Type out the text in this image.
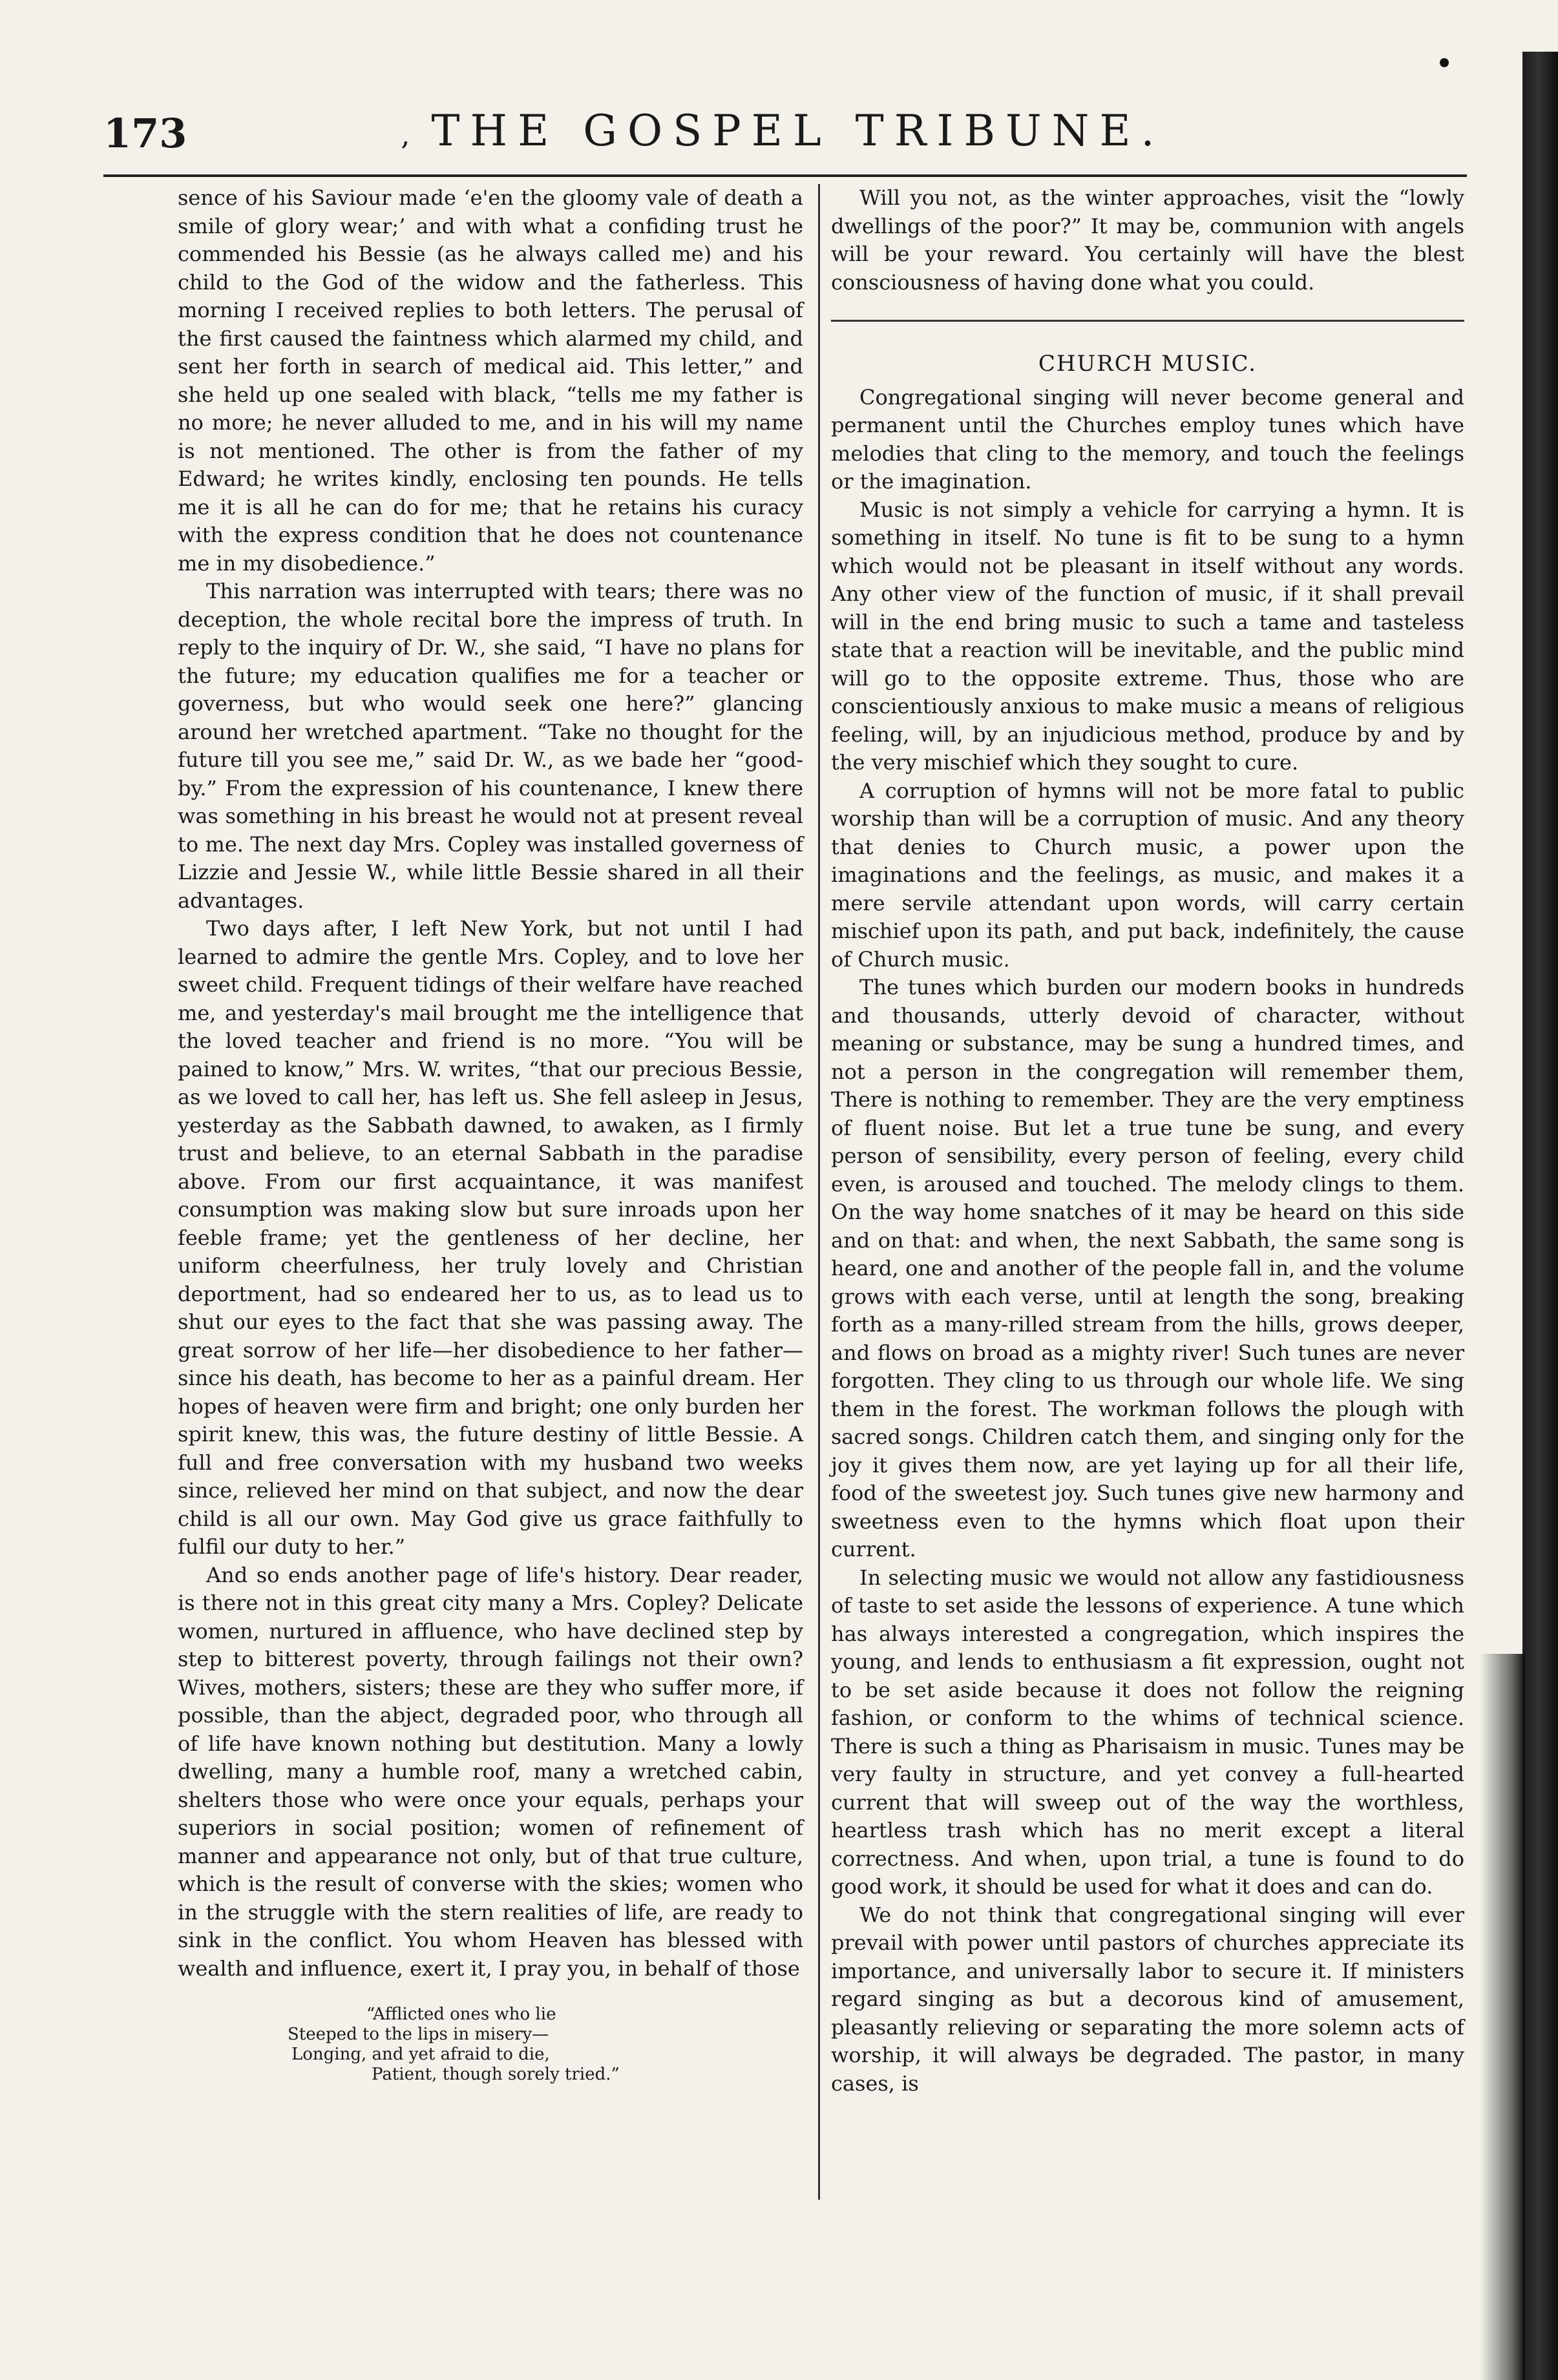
173	‚ THE GOSPEL TRIBUNE.

sence of his Saviour made ‘e'en the gloomy vale of death a smile of glory wear;’ and with what a confiding trust he commended his Bessie (as he always called me) and his child to the God of the widow and the fatherless. This morning I received replies to both letters. The perusal of the first caused the faintness which alarmed my child, and sent her forth in search of medical aid. This letter,” and she held up one sealed with black, “tells me my father is no more; he never alluded to me, and in his will my name is not mentioned. The other is from the father of my Edward; he writes kindly, enclosing ten pounds. He tells me it is all he can do for me; that he retains his curacy with the express condition that he does not countenance me in my disobedience.”

This narration was interrupted with tears; there was no deception, the whole recital bore the impress of truth. In reply to the inquiry of Dr. W., she said, “I have no plans for the future; my education qualifies me for a teacher or governess, but who would seek one here?” glancing around her wretched apartment. “Take no thought for the future till you see me,” said Dr. W., as we bade her “good-by.” From the expression of his countenance, I knew there was something in his breast he would not at present reveal to me. The next day Mrs. Copley was installed governess of Lizzie and Jessie W., while little Bessie shared in all their advantages.

Two days after, I left New York, but not until I had learned to admire the gentle Mrs. Copley, and to love her sweet child. Frequent tidings of their welfare have reached me, and yesterday's mail brought me the intelligence that the loved teacher and friend is no more. “You will be pained to know,” Mrs. W. writes, “that our precious Bessie, as we loved to call her, has left us. She fell asleep in Jesus, yesterday as the Sabbath dawned, to awaken, as I firmly trust and believe, to an eternal Sabbath in the paradise above. From our first acquaintance, it was manifest consumption was making slow but sure inroads upon her feeble frame; yet the gentleness of her decline, her uniform cheerfulness, her truly lovely and Christian deportment, had so endeared her to us, as to lead us to shut our eyes to the fact that she was passing away. The great sorrow of her life—her disobedience to her father—since his death, has become to her as a painful dream. Her hopes of heaven were firm and bright; one only burden her spirit knew, this was, the future destiny of little Bessie. A full and free conversation with my husband two weeks since, relieved her mind on that subject, and now the dear child is all our own. May God give us grace faithfully to fulfil our duty to her.”

And so ends another page of life's history. Dear reader, is there not in this great city many a Mrs. Copley? Delicate women, nurtured in affluence, who have declined step by step to bitterest poverty, through failings not their own? Wives, mothers, sisters; these are they who suffer more, if possible, than the abject, degraded poor, who through all of life have known nothing but destitution. Many a lowly dwelling, many a humble roof, many a wretched cabin, shelters those who were once your equals, perhaps your superiors in social position; women of refinement of manner and appearance not only, but of that true culture, which is the result of converse with the skies; women who in the struggle with the stern realities of life, are ready to sink in the conflict. You whom Heaven has blessed with wealth and influence, exert it, I pray you, in behalf of those

“Afflicted ones who lie
Steeped to the lips in misery—
Longing, and yet afraid to die,
Patient, though sorely tried.”

Will you not, as the winter approaches, visit the “lowly dwellings of the poor?” It may be, communion with angels will be your reward. You certainly will have the blest consciousness of having done what you could.

CHURCH MUSIC.

Congregational singing will never become general and permanent until the Churches employ tunes which have melodies that cling to the memory, and touch the feelings or the imagination.

Music is not simply a vehicle for carrying a hymn. It is something in itself. No tune is fit to be sung to a hymn which would not be pleasant in itself without any words. Any other view of the function of music, if it shall prevail will in the end bring music to such a tame and tasteless state that a reaction will be inevitable, and the public mind will go to the opposite extreme. Thus, those who are conscientiously anxious to make music a means of religious feeling, will, by an injudicious method, produce by and by the very mischief which they sought to cure.

A corruption of hymns will not be more fatal to public worship than will be a corruption of music. And any theory that denies to Church music, a power upon the imaginations and the feelings, as music, and makes it a mere servile attendant upon words, will carry certain mischief upon its path, and put back, indefinitely, the cause of Church music.

The tunes which burden our modern books in hundreds and thousands, utterly devoid of character, without meaning or substance, may be sung a hundred times, and not a person in the congregation will remember them, There is nothing to remember. They are the very emptiness of fluent noise. But let a true tune be sung, and every person of sensibility, every person of feeling, every child even, is aroused and touched. The melody clings to them. On the way home snatches of it may be heard on this side and on that: and when, the next Sabbath, the same song is heard, one and another of the people fall in, and the volume grows with each verse, until at length the song, breaking forth as a many-rilled stream from the hills, grows deeper, and flows on broad as a mighty river! Such tunes are never forgotten. They cling to us through our whole life. We sing them in the forest. The workman follows the plough with sacred songs. Children catch them, and singing only for the joy it gives them now, are yet laying up for all their life, food of the sweetest joy. Such tunes give new harmony and sweetness even to the hymns which float upon their current.

In selecting music we would not allow any fastidiousness of taste to set aside the lessons of experience. A tune which has always interested a congregation, which inspires the young, and lends to enthusiasm a fit expression, ought not to be set aside because it does not follow the reigning fashion, or conform to the whims of technical science. There is such a thing as Pharisaism in music. Tunes may be very faulty in structure, and yet convey a full-hearted current that will sweep out of the way the worthless, heartless trash which has no merit except a literal correctness. And when, upon trial, a tune is found to do good work, it should be used for what it does and can do.

We do not think that congregational singing will ever prevail with power until pastors of churches appreciate its importance, and universally labor to secure it. If ministers regard singing as but a decorous kind of amusement, pleasantly relieving or separating the more solemn acts of worship, it will always be degraded. The pastor, in many cases, is
